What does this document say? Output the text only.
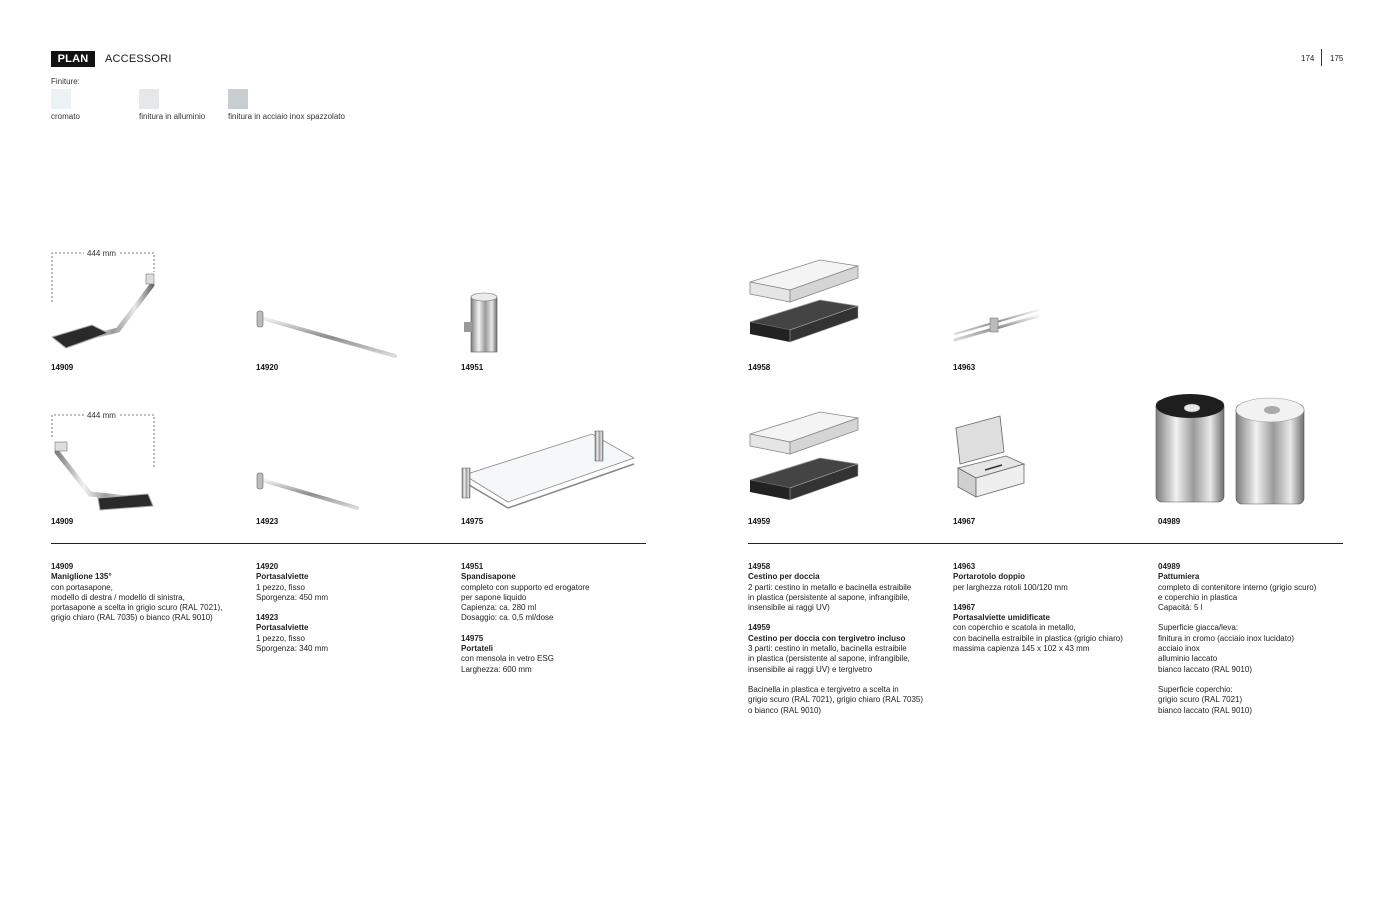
PLAN	ACCESSORI	174 175
Finiture:
cromato	finitura in alluminio	finitura in acciaio inox spazzolato
14909	14920	14951	14958	14963
14909	14923	14975	14959	14967	04989
444 mm
444 mm
14909
Maniglione 135°
con portasapone,
modello di destra / modello di sinistra,
portasapone a scelta in grigio scuro (RAL 7021),
grigio chiaro (RAL 7035) o bianco (RAL 9010)
14920
Portasalviette
1 pezzo, fisso
Sporgenza: 450 mm
14923
Portasalviette
1 pezzo, fisso
Sporgenza: 340 mm
14951
Spandisapone
completo con supporto ed erogatore
per sapone liquido
Capienza: ca. 280 ml
Dosaggio: ca. 0,5 ml/dose
14975
Portateli
con mensola in vetro ESG
Larghezza: 600 mm
14958
Cestino per doccia
2 parti: cestino in metallo e bacinella estraibile
in plastica (persistente al sapone, infrangibile,
insensibile ai raggi UV)
14959
Cestino per doccia con tergivetro incluso
3 parti: cestino in metallo, bacinella estraibile
in plastica (persistente al sapone, infrangibile,
insensibile ai raggi UV) e tergivetro
Bacinella in plastica e tergivetro a scelta in
grigio scuro (RAL 7021), grigio chiaro (RAL 7035)
o bianco (RAL 9010)
14963
Portarotolo doppio
per larghezza rotoli 100/120 mm
14967
Portasalviette umidificate
con coperchio e scatola in metallo,
con bacinella estraibile in plastica (grigio chiaro)
massima capienza 145 x 102 x 43 mm
04989
Pattumiera
completo di contenitore interno (grigio scuro)
e coperchio in plastica
Capacità: 5 l
Superficie giacca/leva:
finitura in cromo (acciaio inox lucidato)
acciaio inox
alluminio laccato
bianco laccato (RAL 9010)
Superficie coperchio:
grigio scuro (RAL 7021)
bianco laccato (RAL 9010)
